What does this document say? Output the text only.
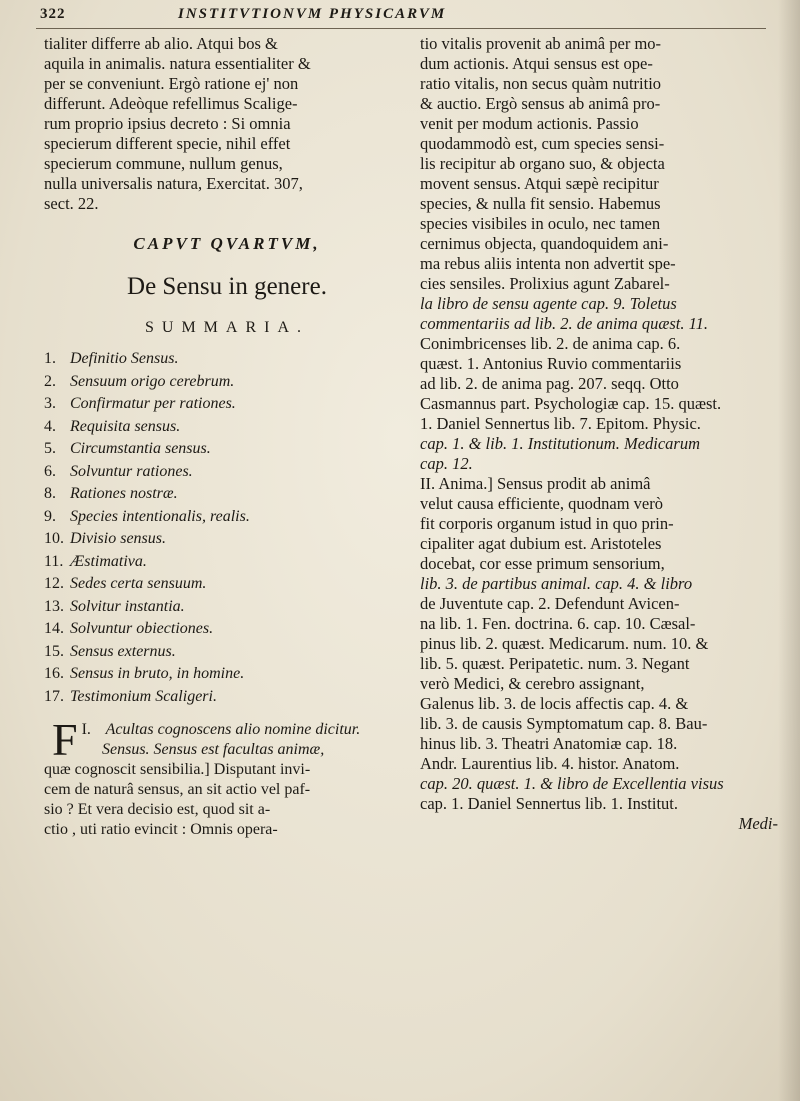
322	INSTITVTIONVM PHYSICARVM
tialiter differre ab alio. Atqui bos &
aquila in animalis. natura essentialiter &
per se conveniunt. Ergò ratione ej' non
differunt. Adeòque refellimus Scalige-
rum proprio ipsius decreto : Si omnia
specierum different specie, nihil effet
specierum commune, nullum genus,
nulla universalis natura, Exercitat. 307,
sect. 22.
CAPVT QVARTVM,
De Sensu in genere.
SUMMARIA.
1. Definitio Sensus.
2. Sensuum origo cerebrum.
3. Confirmatur per rationes.
4. Requisita sensus.
5. Circumstantia sensus.
6. Solvuntur rationes.
8. Rationes nostræ.
9. Species intentionalis, realis.
10. Divisio sensus.
11. Æstimativa.
12. Sedes certa sensuum.
13. Solvitur instantia.
14. Solvuntur obiectiones.
15. Sensus externus.
16. Sensus in bruto, in homine.
17. Testimonium Scaligeri.
I.
F Acultas cognoscens alio nomine dicitur.
Sensus. Sensus est facultas animæ,
quæ cognoscit sensibilia.] Disputant invi-
cem de naturâ sensus, an sit actio vel paf-
sio ? Et vera decisio est, quod sit a-
ctio , uti ratio evincit : Omnis opera-
tio vitalis provenit ab animâ per mo-
dum actionis. Atqui sensus est ope-
ratio vitalis, non secus quàm nutritio
& auctio. Ergò sensus ab animâ pro-
venit per modum actionis. Passio
quodammodò est, cum species sensi-
lis recipitur ab organo suo, & objecta
movent sensus. Atqui sæpè recipitur
species, & nulla fit sensio. Habemus
species visibiles in oculo, nec tamen
cernimus objecta, quandoquidem ani-
ma rebus aliis intenta non advertit spe-
cies sensiles. Prolixius agunt Zabarel-
la libro de sensu agente cap. 9. Toletus
commentariis ad lib. 2. de anima quæst. 11.
Conimbricenses lib. 2. de anima cap. 6.
quæst. 1. Antonius Ruvio commentariis
ad lib. 2. de anima pag. 207. seqq. Otto
Casmannus part. Psychologiæ cap. 15. quæst.
1. Daniel Sennertus lib. 7. Epitom. Physic.
cap. 1. & lib. 1. Institutionum. Medicarum
cap. 12.
II. Anima.] Sensus prodit ab animâ
velut causa efficiente, quodnam verò
fit corporis organum istud in quo prin-
cipaliter agat dubium est. Aristoteles
docebat, cor esse primum sensorium,
lib. 3. de partibus animal. cap. 4. & libro
de Juventute cap. 2. Defendunt Avicen-
na lib. 1. Fen. doctrina. 6. cap. 10. Cæsal-
pinus lib. 2. quæst. Medicarum. num. 10. &
lib. 5. quæst. Peripatetic. num. 3. Negant
verò Medici, & cerebro assignant,
Galenus lib. 3. de locis affectis cap. 4. &
lib. 3. de causis Symptomatum cap. 8. Bau-
hinus lib. 3. Theatri Anatomiæ cap. 18.
Andr. Laurentius lib. 4. histor. Anatom.
cap. 20. quæst. 1. & libro de Excellentia visus
cap. 1. Daniel Sennertus lib. 1. Institut.
Medi-
